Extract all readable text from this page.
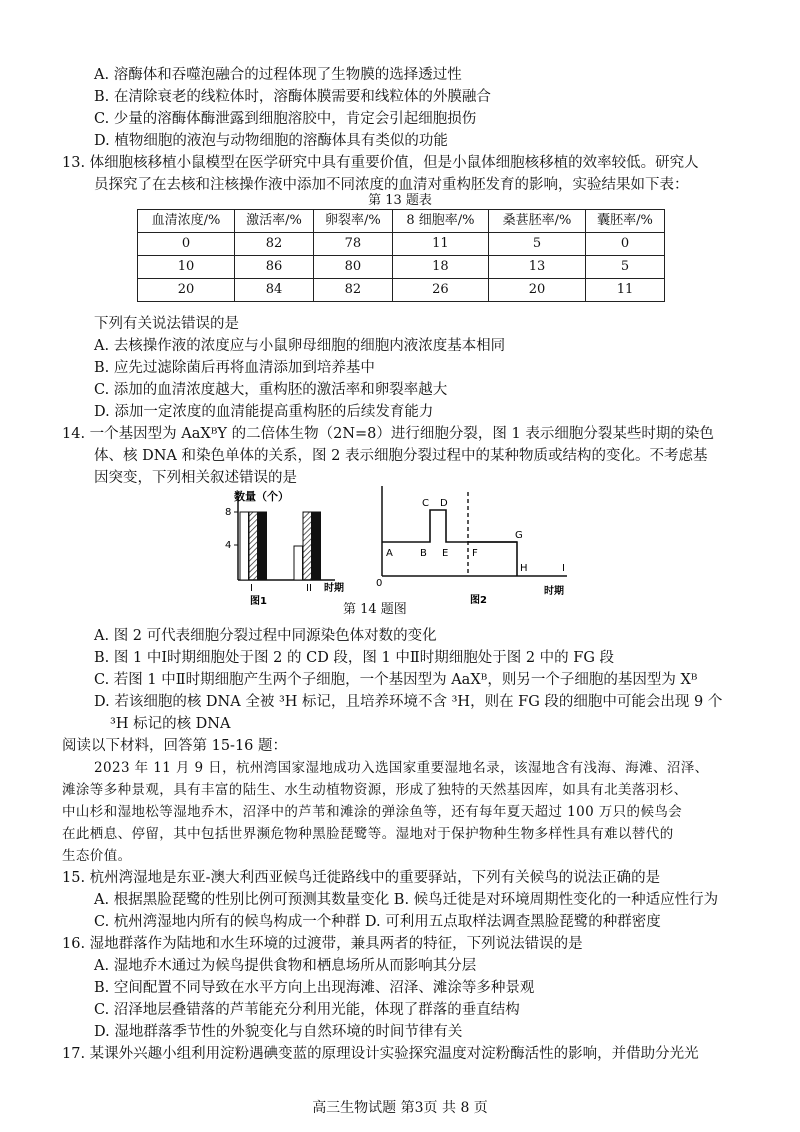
A. 溶酶体和吞噬泡融合的过程体现了生物膜的选择透过性
B. 在清除衰老的线粒体时，溶酶体膜需要和线粒体的外膜融合
C. 少量的溶酶体酶泄露到细胞溶胶中，肯定会引起细胞损伤
D. 植物细胞的液泡与动物细胞的溶酶体具有类似的功能
13. 体细胞核移植小鼠模型在医学研究中具有重要价值，但是小鼠体细胞核移植的效率较低。研究人
员探究了在去核和注核操作液中添加不同浓度的血清对重构胚发育的影响，实验结果如下表：
第 13 题表
血清浓度/%	激活率/%	卵裂率/%	8 细胞率/%	桑葚胚率/%	囊胚率/%
0	82	78	11	5	0
10	86	80	18	13	5
20	84	82	26	20	11
下列有关说法错误的是
A. 去核操作液的浓度应与小鼠卵母细胞的细胞内液浓度基本相同
B. 应先过滤除菌后再将血清添加到培养基中
C. 添加的血清浓度越大，重构胚的激活率和卵裂率越大
D. 添加一定浓度的血清能提高重构胚的后续发育能力
14. 一个基因型为 AaXᴮY 的二倍体生物（2N=8）进行细胞分裂，图 1 表示细胞分裂某些时期的染色
体、核 DNA 和染色单体的关系，图 2 表示细胞分裂过程中的某种物质或结构的变化。不考虑基
因突变，下列相关叙述错误的是
数量（个）
8
4
I	II 时期
图1
0
A	B
C D
E F
G
H	I
时期
图2
第 14 题图
A. 图 2 可代表细胞分裂过程中同源染色体对数的变化
B. 图 1 中Ⅰ时期细胞处于图 2 的 CD 段，图 1 中Ⅱ时期细胞处于图 2 中的 FG 段
C. 若图 1 中Ⅱ时期细胞产生两个子细胞，一个基因型为 AaXᴮ，则另一个子细胞的基因型为 Xᴮ
D. 若该细胞的核 DNA 全被 ³H 标记，且培养环境不含 ³H，则在 FG 段的细胞中可能会出现 9 个
³H 标记的核 DNA
阅读以下材料，回答第 15-16 题：
2023 年 11 月 9 日，杭州湾国家湿地成功入选国家重要湿地名录，该湿地含有浅海、海滩、沼泽、
滩涂等多种景观，具有丰富的陆生、水生动植物资源，形成了独特的天然基因库，如具有北美落羽杉、
中山杉和湿地松等湿地乔木，沼泽中的芦苇和滩涂的弹涂鱼等，还有每年夏天超过 100 万只的候鸟会
在此栖息、停留，其中包括世界濒危物种黑脸琵鹭等。湿地对于保护物种生物多样性具有难以替代的
生态价值。
15. 杭州湾湿地是东亚-澳大利西亚候鸟迁徙路线中的重要驿站，下列有关候鸟的说法正确的是
A. 根据黑脸琵鹭的性别比例可预测其数量变化 B. 候鸟迁徙是对环境周期性变化的一种适应性行为
C. 杭州湾湿地内所有的候鸟构成一个种群 D. 可利用五点取样法调查黑脸琵鹭的种群密度
16. 湿地群落作为陆地和水生环境的过渡带，兼具两者的特征，下列说法错误的是
A. 湿地乔木通过为候鸟提供食物和栖息场所从而影响其分层
B. 空间配置不同导致在水平方向上出现海滩、沼泽、滩涂等多种景观
C. 沼泽地层叠错落的芦苇能充分利用光能，体现了群落的垂直结构
D. 湿地群落季节性的外貌变化与自然环境的时间节律有关
17. 某课外兴趣小组利用淀粉遇碘变蓝的原理设计实验探究温度对淀粉酶活性的影响，并借助分光光
高三生物试题 第3页 共 8 页
